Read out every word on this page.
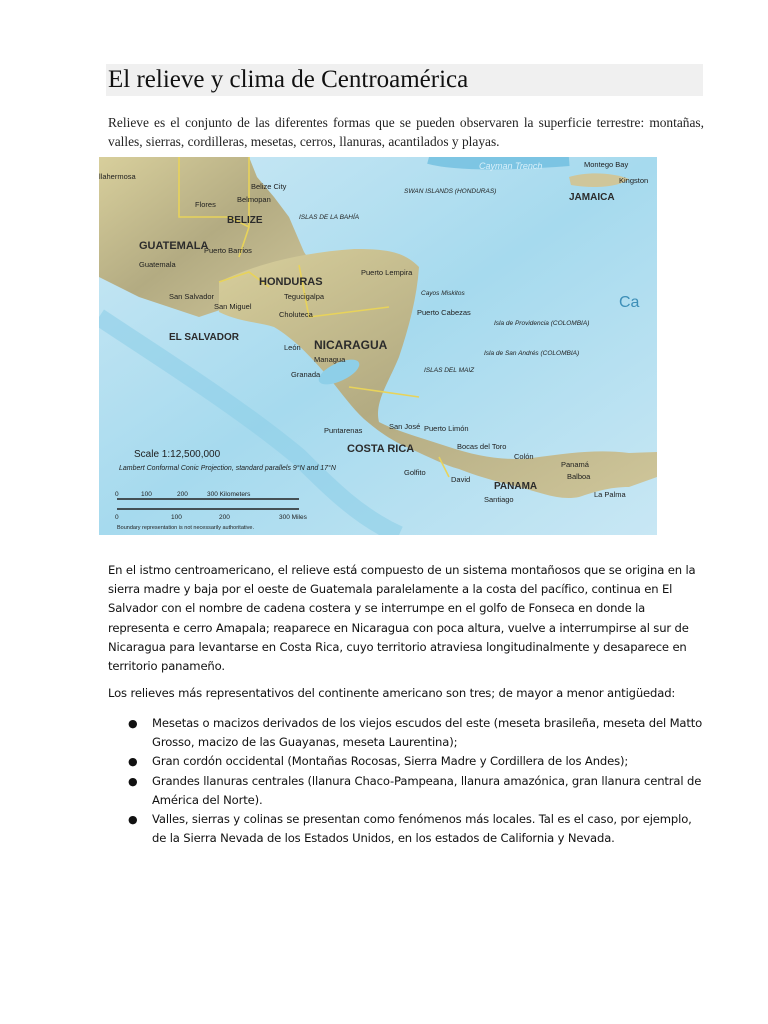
El relieve y clima de Centroamérica

Relieve es el conjunto de las diferentes formas que se pueden observaren la superficie terrestre: montañas, valles, sierras, cordilleras, mesetas, cerros, llanuras, acantilados y playas.

GUATEMALA
HONDURAS
EL SALVADOR
NICARAGUA
COSTA RICA
PANAMA
BELIZE
JAMAICA
llahermosa
Belize City
Belmopan
Flores
Puerto Barrios
Guatemala
Tegucigalpa
San Salvador
San Miguel
Choluteca
León
Managua
Granada
Puerto Lempira
Puerto Cabezas
Puntarenas	San José Puerto Limón
Bocas del Toro
Golfito
David
Santiago
Colón
Panamá
Balboa
La Palma
Montego Bay
Kingston
SWAN ISLANDS (HONDURAS)
ISLAS DE LA BAHÍA
Cayos Miskitos
Isla de Providencia (COLOMBIA)
Isla de San Andrés (COLOMBIA)
ISLAS DEL MAIZ
Cayman Trench
Ca
Scale 1:12,500,000
Lambert Conformal Conic Projection, standard parallels 9°N and 17°N
0	100	200	300 Kilometers
0	100	200	300 Miles
Boundary representation is not necessarily authoritative.

En el istmo centroamericano, el relieve está compuesto de un sistema montañosos que se origina en la sierra madre y baja por el oeste de Guatemala paralelamente a la costa del pacífico, continua en El Salvador con el nombre de cadena costera y se interrumpe en el golfo de Fonseca en donde la representa e cerro Amapala; reaparece en Nicaragua con poca altura, vuelve a interrumpirse al sur de Nicaragua para levantarse en Costa Rica, cuyo territorio atraviesa longitudinalmente y desaparece en territorio panameño.

Los relieves más representativos del continente americano son tres; de mayor a menor antigüedad:

● Mesetas o macizos derivados de los viejos escudos del este (meseta brasileña, meseta del Matto Grosso, macizo de las Guayanas, meseta Laurentina);
● Gran cordón occidental (Montañas Rocosas, Sierra Madre y Cordillera de los Andes);
● Grandes llanuras centrales (llanura Chaco-Pampeana, llanura amazónica, gran llanura central de América del Norte).
● Valles, sierras y colinas se presentan como fenómenos más locales. Tal es el caso, por ejemplo, de la Sierra Nevada de los Estados Unidos, en los estados de California y Nevada.
